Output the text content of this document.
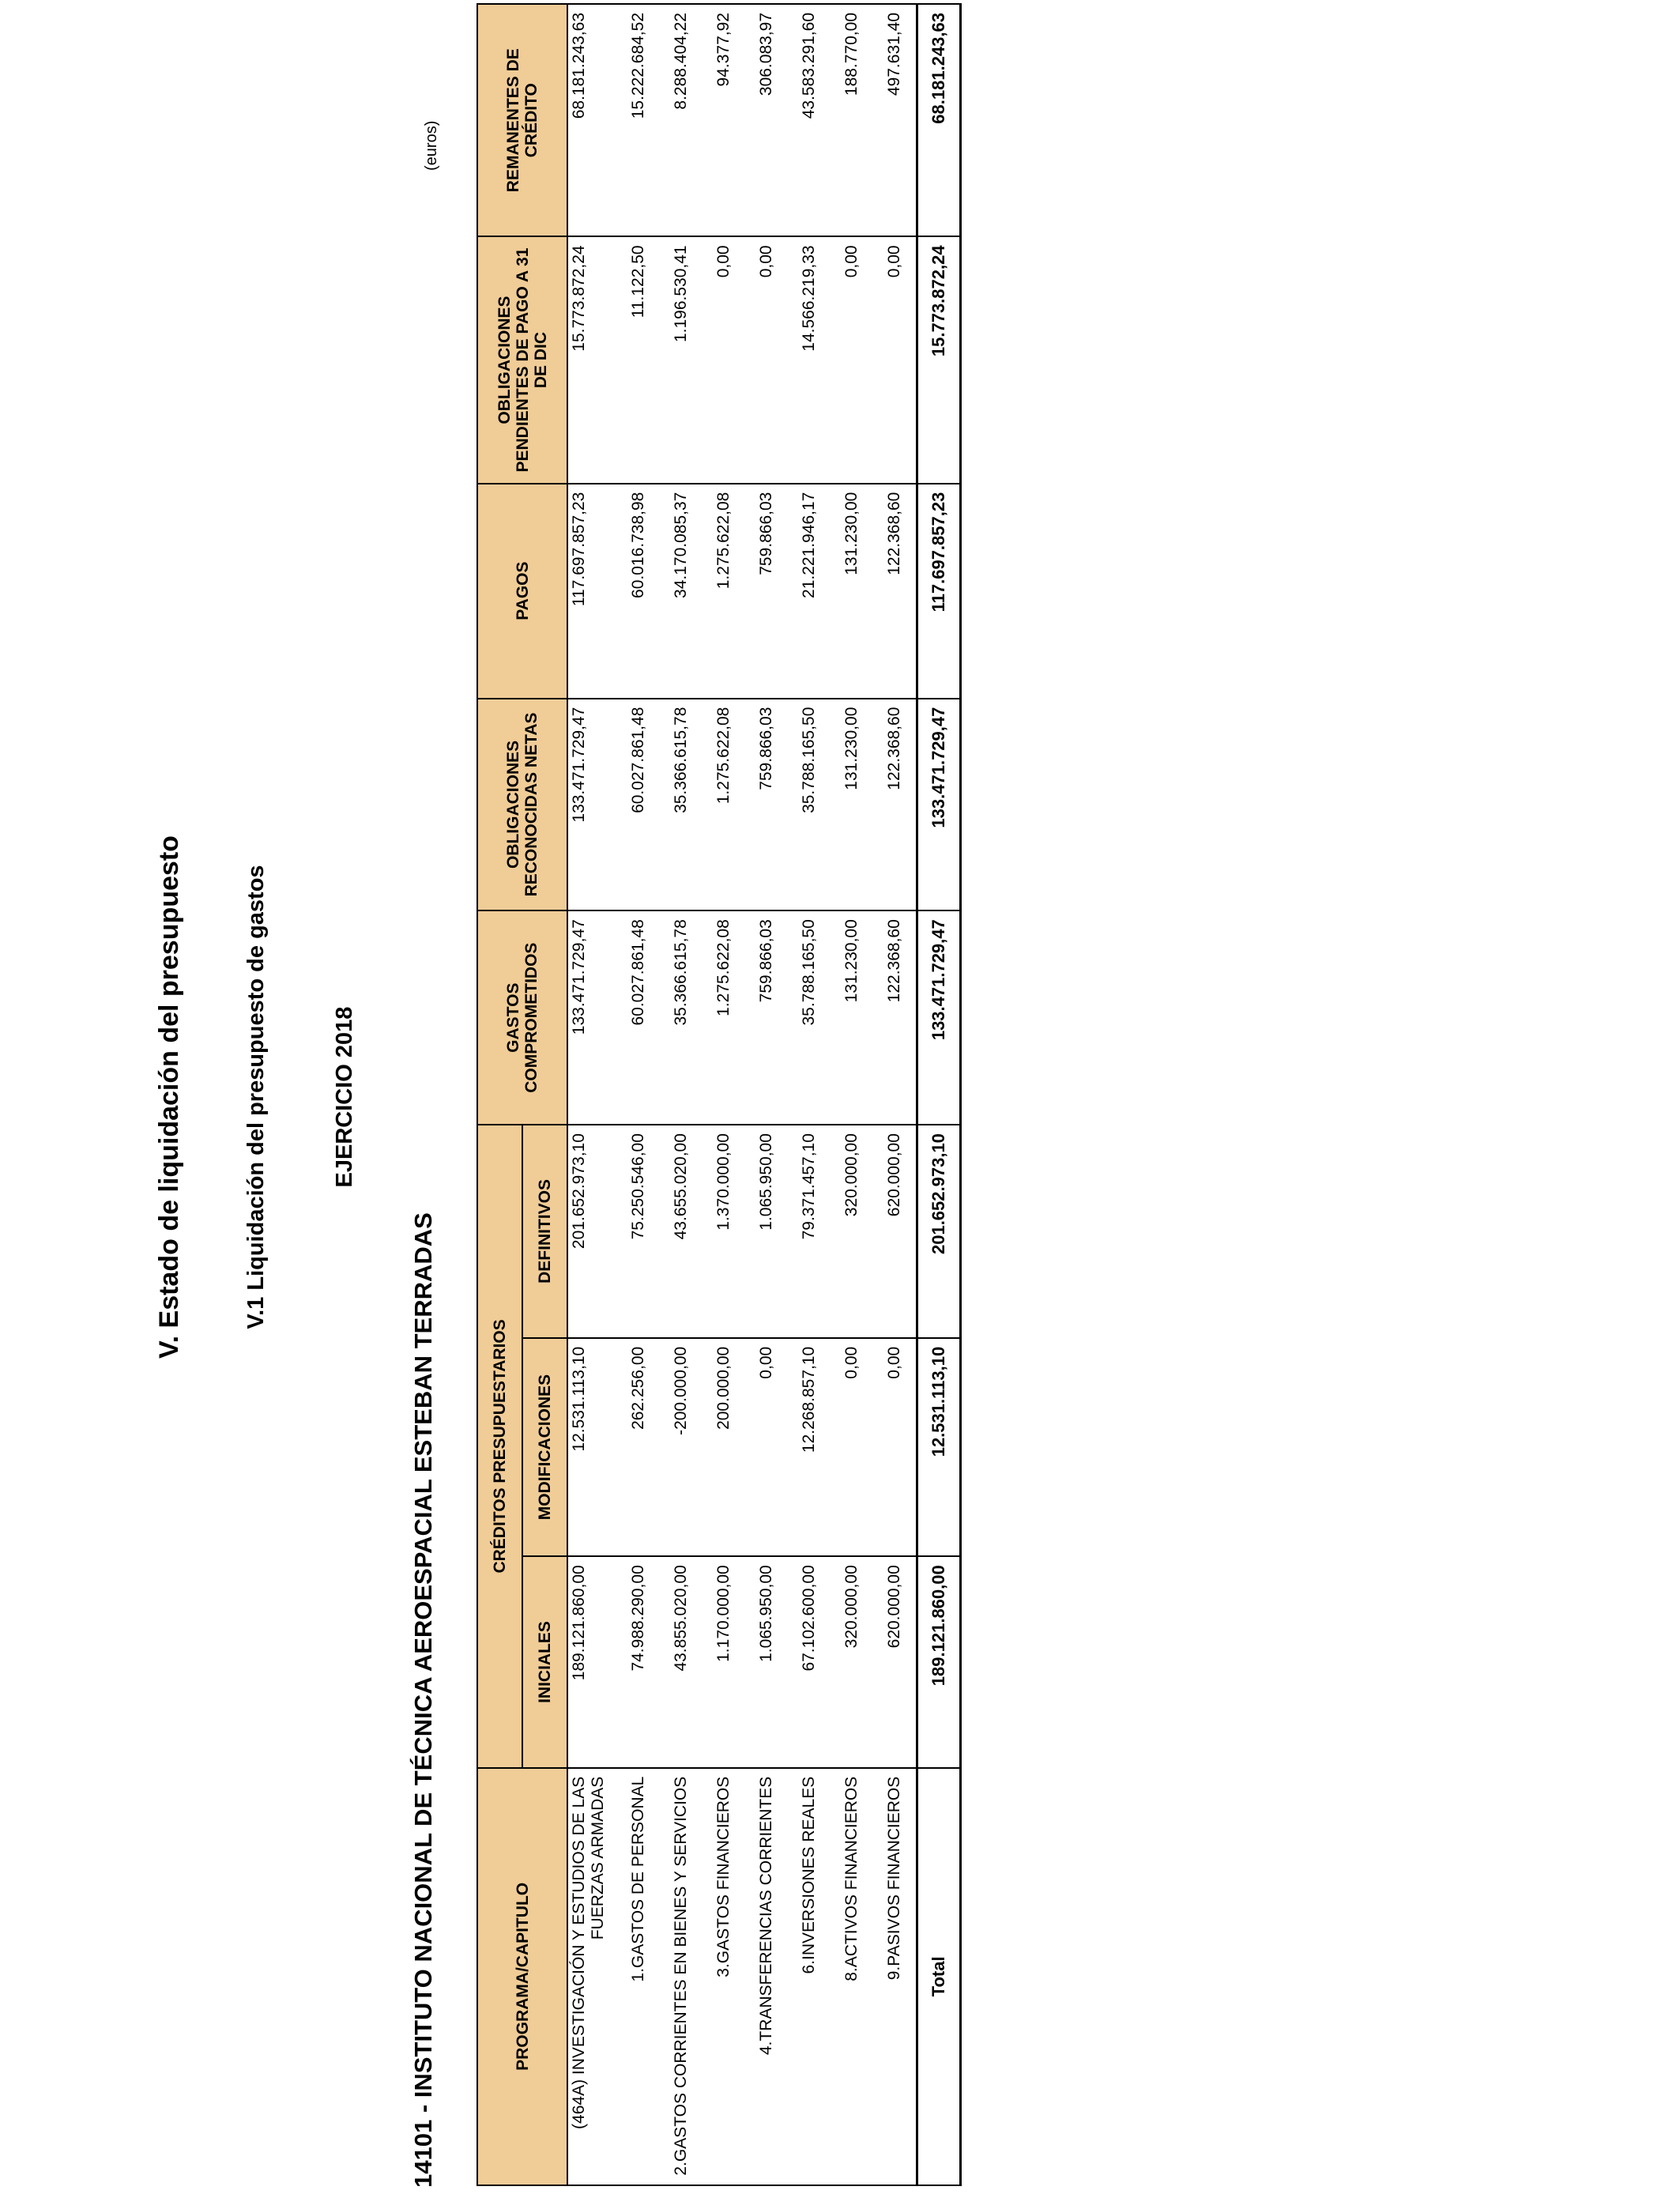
V. Estado de liquidación del presupuesto	V.1 Liquidación del presupuesto de gastos	EJERCICIO 2018
14101 - INSTITUTO NACIONAL DE TÉCNICA AEROESPACIAL ESTEBAN TERRADAS
(euros)
PROGRAMA/CAPITULO	CRÉDITOS PRESUPUESTARIOS			GASTOS COMPROMETIDOS	OBLIGACIONES RECONOCIDAS NETAS	PAGOS	OBLIGACIONES PENDIENTES DE PAGO A 31 DE DIC	REMANENTES DE CRÉDITO
	INICIALES	MODIFICACIONES	DEFINITIVOS					
(464A) INVESTIGACIÓN Y ESTUDIOS DE LAS FUERZAS ARMADAS	189.121.860,00	12.531.113,10	201.652.973,10	133.471.729,47	133.471.729,47	117.697.857,23	15.773.872,24	68.181.243,63
1.GASTOS DE PERSONAL	74.988.290,00	262.256,00	75.250.546,00	60.027.861,48	60.027.861,48	60.016.738,98	11.122,50	15.222.684,52
2.GASTOS CORRIENTES EN BIENES Y SERVICIOS	43.855.020,00	-200.000,00	43.655.020,00	35.366.615,78	35.366.615,78	34.170.085,37	1.196.530,41	8.288.404,22
3.GASTOS FINANCIEROS	1.170.000,00	200.000,00	1.370.000,00	1.275.622,08	1.275.622,08	1.275.622,08	0,00	94.377,92
4.TRANSFERENCIAS CORRIENTES	1.065.950,00	0,00	1.065.950,00	759.866,03	759.866,03	759.866,03	0,00	306.083,97
6.INVERSIONES REALES	67.102.600,00	12.268.857,10	79.371.457,10	35.788.165,50	35.788.165,50	21.221.946,17	14.566.219,33	43.583.291,60
8.ACTIVOS FINANCIEROS	320.000,00	0,00	320.000,00	131.230,00	131.230,00	131.230,00	0,00	188.770,00
9.PASIVOS FINANCIEROS	620.000,00	0,00	620.000,00	122.368,60	122.368,60	122.368,60	0,00	497.631,40
Total	189.121.860,00	12.531.113,10	201.652.973,10	133.471.729,47	133.471.729,47	117.697.857,23	15.773.872,24	68.181.243,63
